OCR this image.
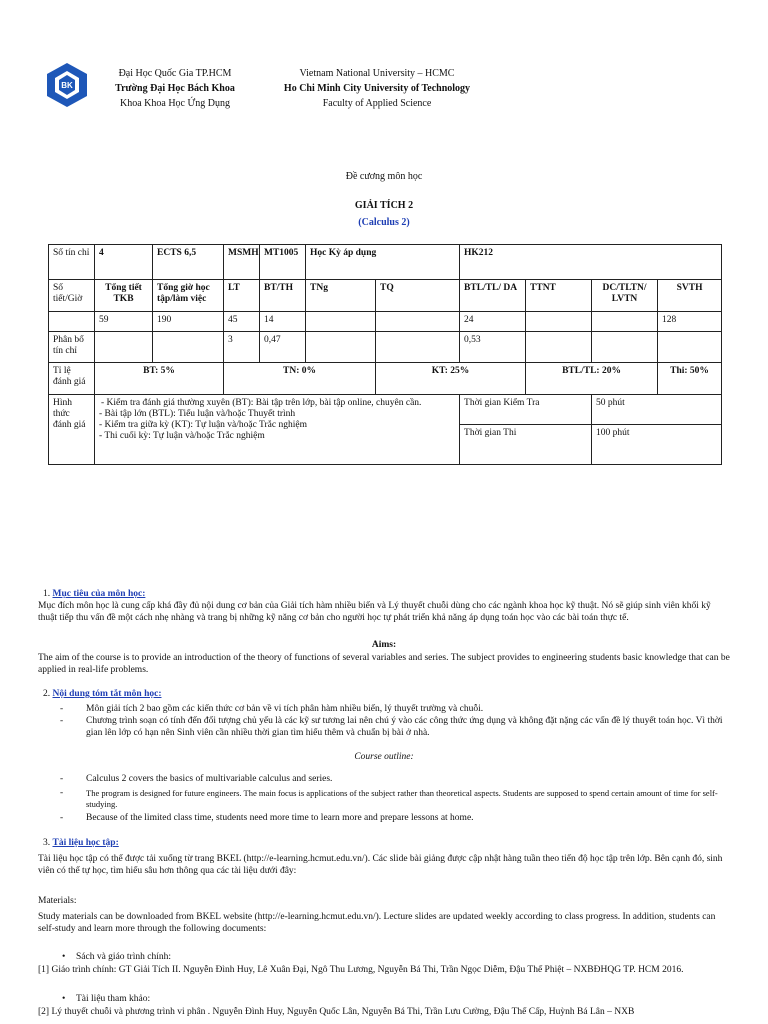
BK
Đại Học Quốc Gia TP.HCM
Trường Đại Học Bách Khoa
Khoa Khoa Học Ứng Dụng
Vietnam National University – HCMC
Ho Chi Minh City University of Technology
Faculty of Applied Science
Đề cương môn học
GIẢI TÍCH 2
(Calculus 2)
Số tín chỉ	4	ECTS 6,5	MSMH	MT1005	Học Kỳ áp dụng		HK212			
Số tiết/Giờ	Tổng tiết TKB	Tổng giờ học tập/làm việc	LT	BT/TH	TNg	TQ	BTL/TL/ DA	TTNT	DC/TLTN/ LVTN	SVTH
	59	190	45	14			24			128
Phân bổ tín chỉ			3	0,47			0,53			
Tỉ lệ đánh giá	BT: 5%		TN: 0%			KT: 25%		BTL/TL: 20%		Thi: 50%
Hình thức đánh giá	- Kiểm tra đánh giá thường xuyên (BT): Bài tập trên lớp, bài tập online, chuyên cần.
- Bài tập lớn (BTL): Tiểu luận và/hoặc Thuyết trình
- Kiểm tra giữa kỳ (KT): Tự luận và/hoặc Trắc nghiệm
- Thi cuối kỳ: Tự luận và/hoặc Trắc nghiệm						Thời gian Kiểm Tra		50 phút	
							Thời gian Thi		100 phút	
1. Mục tiêu của môn học:
Mục đích môn học là cung cấp khá đầy đủ nội dung cơ bản của Giải tích hàm nhiều biến và Lý thuyết chuỗi dùng cho các ngành khoa học kỹ thuật. Nó sẽ giúp sinh viên khối kỹ thuật tiếp thu vấn đề một cách nhẹ nhàng và trang bị những kỹ năng cơ bản cho người học tự phát triển khả năng áp dụng toán học vào các bài toán thực tế.
Aims:
The aim of the course is to provide an introduction of the theory of functions of several variables and series. The subject provides to engineering students basic knowledge that can be applied in real-life problems.
2. Nội dung tóm tắt môn học:
- Môn giải tích 2 bao gồm các kiến thức cơ bản về vi tích phân hàm nhiều biến, lý thuyết trường và chuỗi.
- Chương trình soạn có tính đến đối tượng chủ yếu là các kỹ sư tương lai nên chú ý vào các công thức ứng dụng và không đặt nặng các vấn đề lý thuyết toán học. Vì thời gian lên lớp có hạn nên Sinh viên cần nhiều thời gian tìm hiểu thêm và chuẩn bị bài ở nhà.
Course outline:
- Calculus 2 covers the basics of multivariable calculus and series.
-	The program is designed for future engineers. The main focus is applications of the subject rather than theoretical aspects. Students are supposed to spend certain amount of time for self-studying.
- Because of the limited class time, students need more time to learn more and prepare lessons at home.
3. Tài liệu học tập:
Tài liệu học tập có thể được tải xuống từ trang BKEL (http://e-learning.hcmut.edu.vn/). Các slide bài giảng được cập nhật hàng tuần theo tiến độ học tập trên lớp. Bên cạnh đó, sinh viên có thể tự học, tìm hiểu sâu hơn thông qua các tài liệu dưới đây:
Materials:
Study materials can be downloaded from BKEL website (http://e-learning.hcmut.edu.vn/). Lecture slides are updated weekly according to class progress. In addition, students can self-study and learn more through the following documents:
• Sách và giáo trình chính:
[1] Giáo trình chính: GT Giải Tích II. Nguyễn Đình Huy, Lê Xuân Đại, Ngô Thu Lương, Nguyễn Bá Thi, Trần Ngọc Diễm, Đậu Thế Phiệt – NXBĐHQG TP. HCM 2016.
• Tài liệu tham khảo:
[2] Lý thuyết chuỗi và phương trình vi phân . Nguyễn Đình Huy, Nguyễn Quốc Lân, Nguyễn Bá Thi, Trần Lưu Cường, Đậu Thế Cấp, Huỳnh Bá Lân – NXB
